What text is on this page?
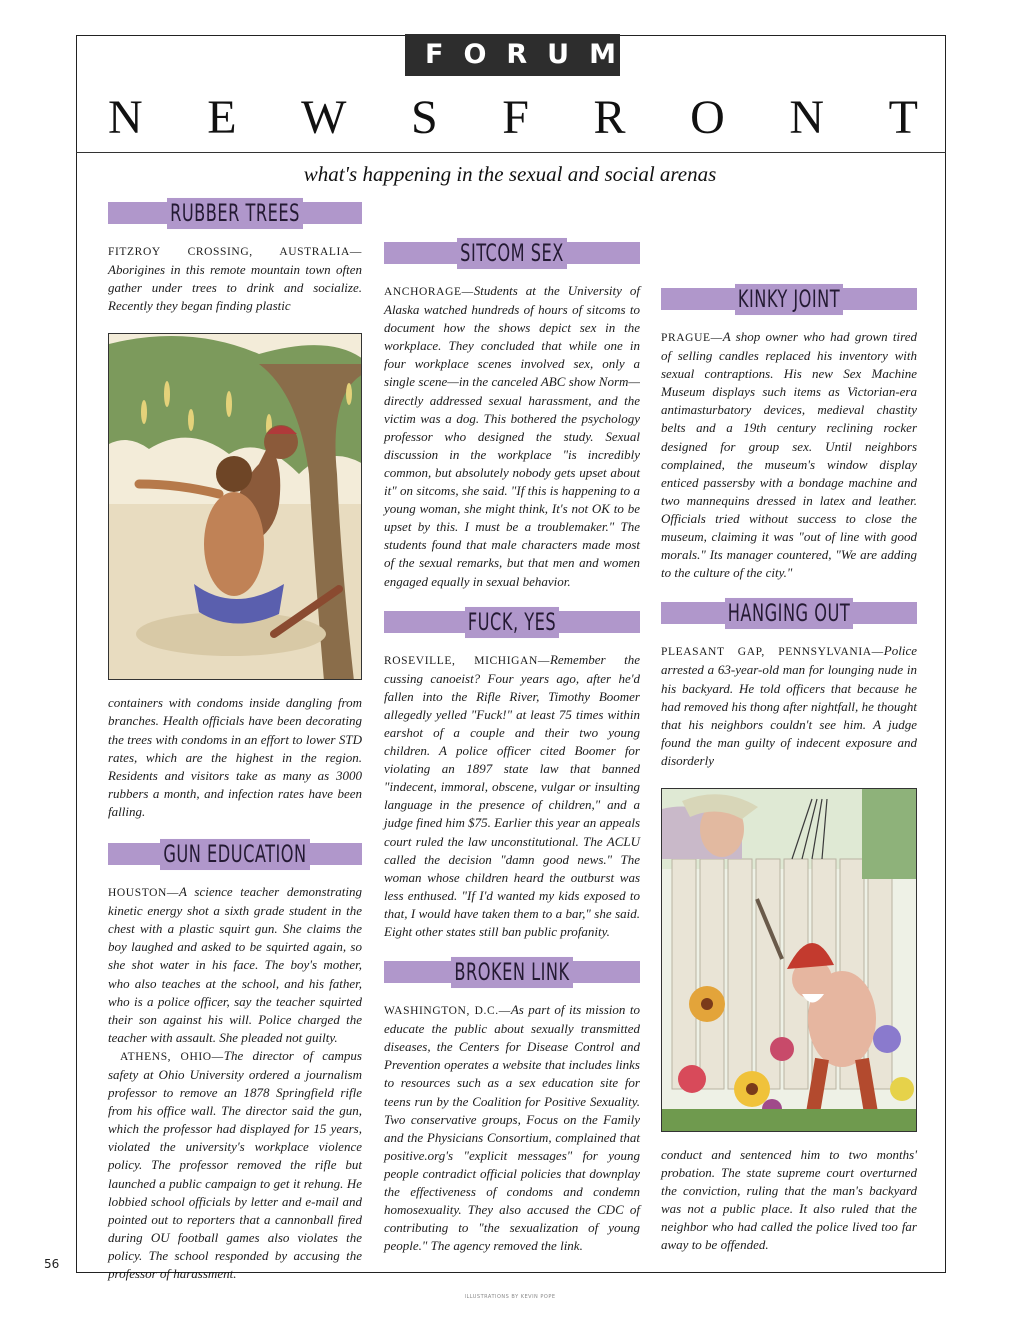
FORUM
N E W S F R O N T
what's happening in the sexual and social arenas
RUBBER TREES

FITZROY CROSSING, AUSTRALIA—Aborigines in this remote mountain town often gather under trees to drink and socialize. Recently they began finding plastic

containers with condoms inside dangling from branches. Health officials have been decorating the trees with condoms in an effort to lower STD rates, which are the highest in the region. Residents and visitors take as many as 3000 rubbers a month, and infection rates have been falling.

GUN EDUCATION

HOUSTON—A science teacher demonstrating kinetic energy shot a sixth grade student in the chest with a plastic squirt gun. She claims the boy laughed and asked to be squirted again, so she shot water in his face. The boy's mother, who also teaches at the school, and his father, who is a police officer, say the teacher squirted their son against his will. Police charged the teacher with assault. She pleaded not guilty.

ATHENS, OHIO—The director of campus safety at Ohio University ordered a journalism professor to remove an 1878 Springfield rifle from his office wall. The director said the gun, which the professor had displayed for 15 years, violated the university's workplace violence policy. The professor removed the rifle but launched a public campaign to get it rehung. He lobbied school officials by letter and e-mail and pointed out to reporters that a cannonball fired during OU football games also violates the policy. The school responded by accusing the professor of harassment.

SITCOM SEX

ANCHORAGE—Students at the University of Alaska watched hundreds of hours of sitcoms to document how the shows depict sex in the workplace. They concluded that while one in four workplace scenes involved sex, only a single scene—in the canceled ABC show Norm—directly addressed sexual harassment, and the victim was a dog. This bothered the psychology professor who designed the study. Sexual discussion in the workplace "is incredibly common, but absolutely nobody gets upset about it" on sitcoms, she said. "If this is happening to a young woman, she might think, It's not OK to be upset by this. I must be a troublemaker." The students found that male characters made most of the sexual remarks, but that men and women engaged equally in sexual behavior.

FUCK, YES

ROSEVILLE, MICHIGAN—Remember the cussing canoeist? Four years ago, after he'd fallen into the Rifle River, Timothy Boomer allegedly yelled "Fuck!" at least 75 times within earshot of a couple and their two young children. A police officer cited Boomer for violating an 1897 state law that banned "indecent, immoral, obscene, vulgar or insulting language in the presence of children," and a judge fined him $75. Earlier this year an appeals court ruled the law unconstitutional. The ACLU called the decision "damn good news." The woman whose children heard the outburst was less enthused. "If I'd wanted my kids exposed to that, I would have taken them to a bar," she said. Eight other states still ban public profanity.

BROKEN LINK

WASHINGTON, D.C.—As part of its mission to educate the public about sexually transmitted diseases, the Centers for Disease Control and Prevention operates a website that includes links to resources such as a sex education site for teens run by the Coalition for Positive Sexuality. Two conservative groups, Focus on the Family and the Physicians Consortium, complained that positive.org's "explicit messages" for young people contradict official policies that downplay the effectiveness of condoms and condemn homosexuality. They also accused the CDC of contributing to "the sexualization of young people." The agency removed the link.

KINKY JOINT

PRAGUE—A shop owner who had grown tired of selling candles replaced his inventory with sexual contraptions. His new Sex Machine Museum displays such items as Victorian-era antimasturbatory devices, medieval chastity belts and a 19th century reclining rocker designed for group sex. Until neighbors complained, the museum's window display enticed passersby with a bondage machine and two mannequins dressed in latex and leather. Officials tried without success to close the museum, claiming it was "out of line with good morals." Its manager countered, "We are adding to the culture of the city."

HANGING OUT

PLEASANT GAP, PENNSYLVANIA—Police arrested a 63-year-old man for lounging nude in his backyard. He told officers that because he had removed his thong after nightfall, he thought that his neighbors couldn't see him. A judge found the man guilty of indecent exposure and disorderly

conduct and sentenced him to two months' probation. The state supreme court overturned the conviction, ruling that the man's backyard was not a public place. It also ruled that the neighbor who had called the police lived too far away to be offended.

56
ILLUSTRATIONS BY KEVIN POPE
